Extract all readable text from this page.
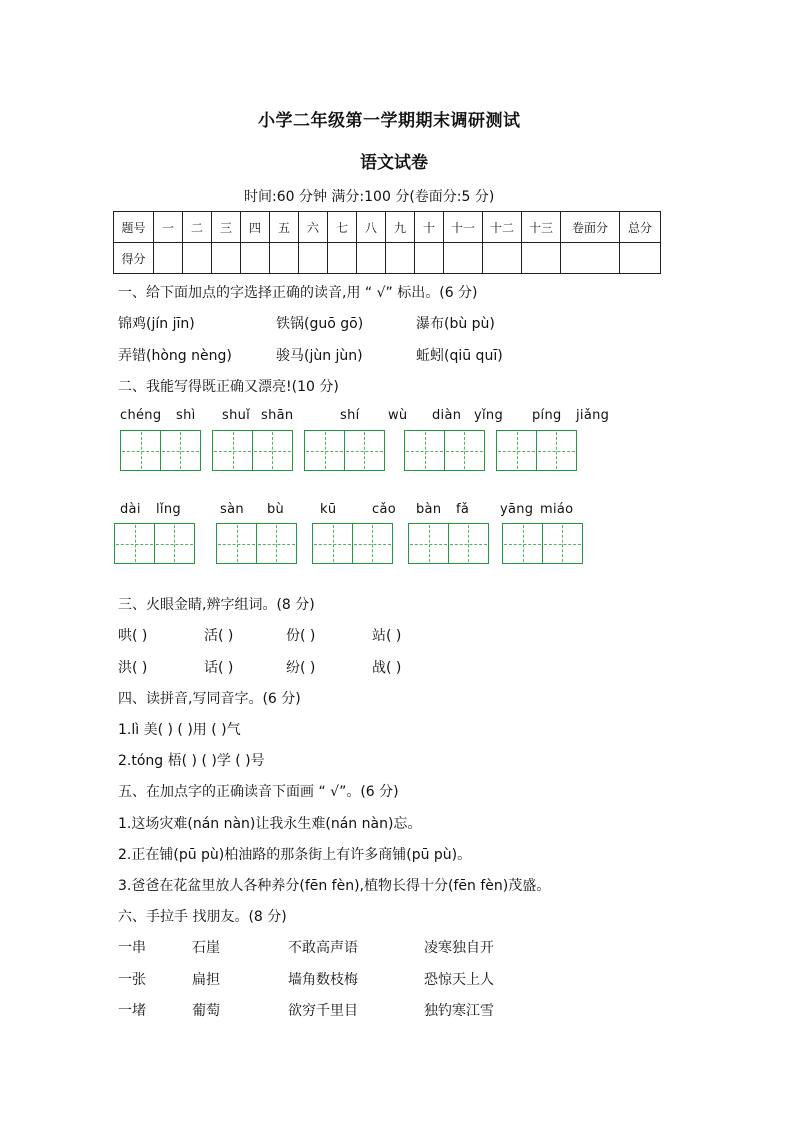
小学二年级第一学期期末调研测试
语文试卷
时间:60 分钟 满分:100 分(卷面分:5 分)
题号	一	二	三	四	五	六	七	八	九	十	十一	十二	十三	卷面分	总分
得分															
一、给下面加点的字选择正确的读音,用 “ √” 标出。(6 分)
锦鸡(jín jīn)	铁锅(guō gō)	瀑布(bù pù)
弄错(hòng nèng)	骏马(jùn jùn)	蚯蚓(qiū quī)
二、我能写得既正确又漂亮!(10 分)
chéng shì shuǐ shān	shí wù diàn yǐng píng jiǎng
dài lǐng	sàn bù	kū	cǎo bàn fǎ yāng miáo
三、火眼金睛,辨字组词。(8 分)
哄( )	活( )	份( )	站( )
洪( )	话( )	纷( )	战( )
四、读拼音,写同音字。(6 分)
1.lì 美( ) ( )用 ( )气
2.tóng 梧( ) ( )学 ( )号
五、在加点字的正确读音下面画 “ √”。(6 分)
1.这场灾难(nán nàn)让我永生难(nán nàn)忘。
2.正在铺(pū pù)柏油路的那条街上有许多商铺(pū pù)。
3.爸爸在花盆里放人各种养分(fēn fèn),植物长得十分(fēn fèn)茂盛。
六、手拉手 找朋友。(8 分)
一串	石崖	不敢高声语	凌寒独自开
一张	扁担	墙角数枝梅	恐惊天上人
一堵	葡萄	欲穷千里目	独钓寒江雪
